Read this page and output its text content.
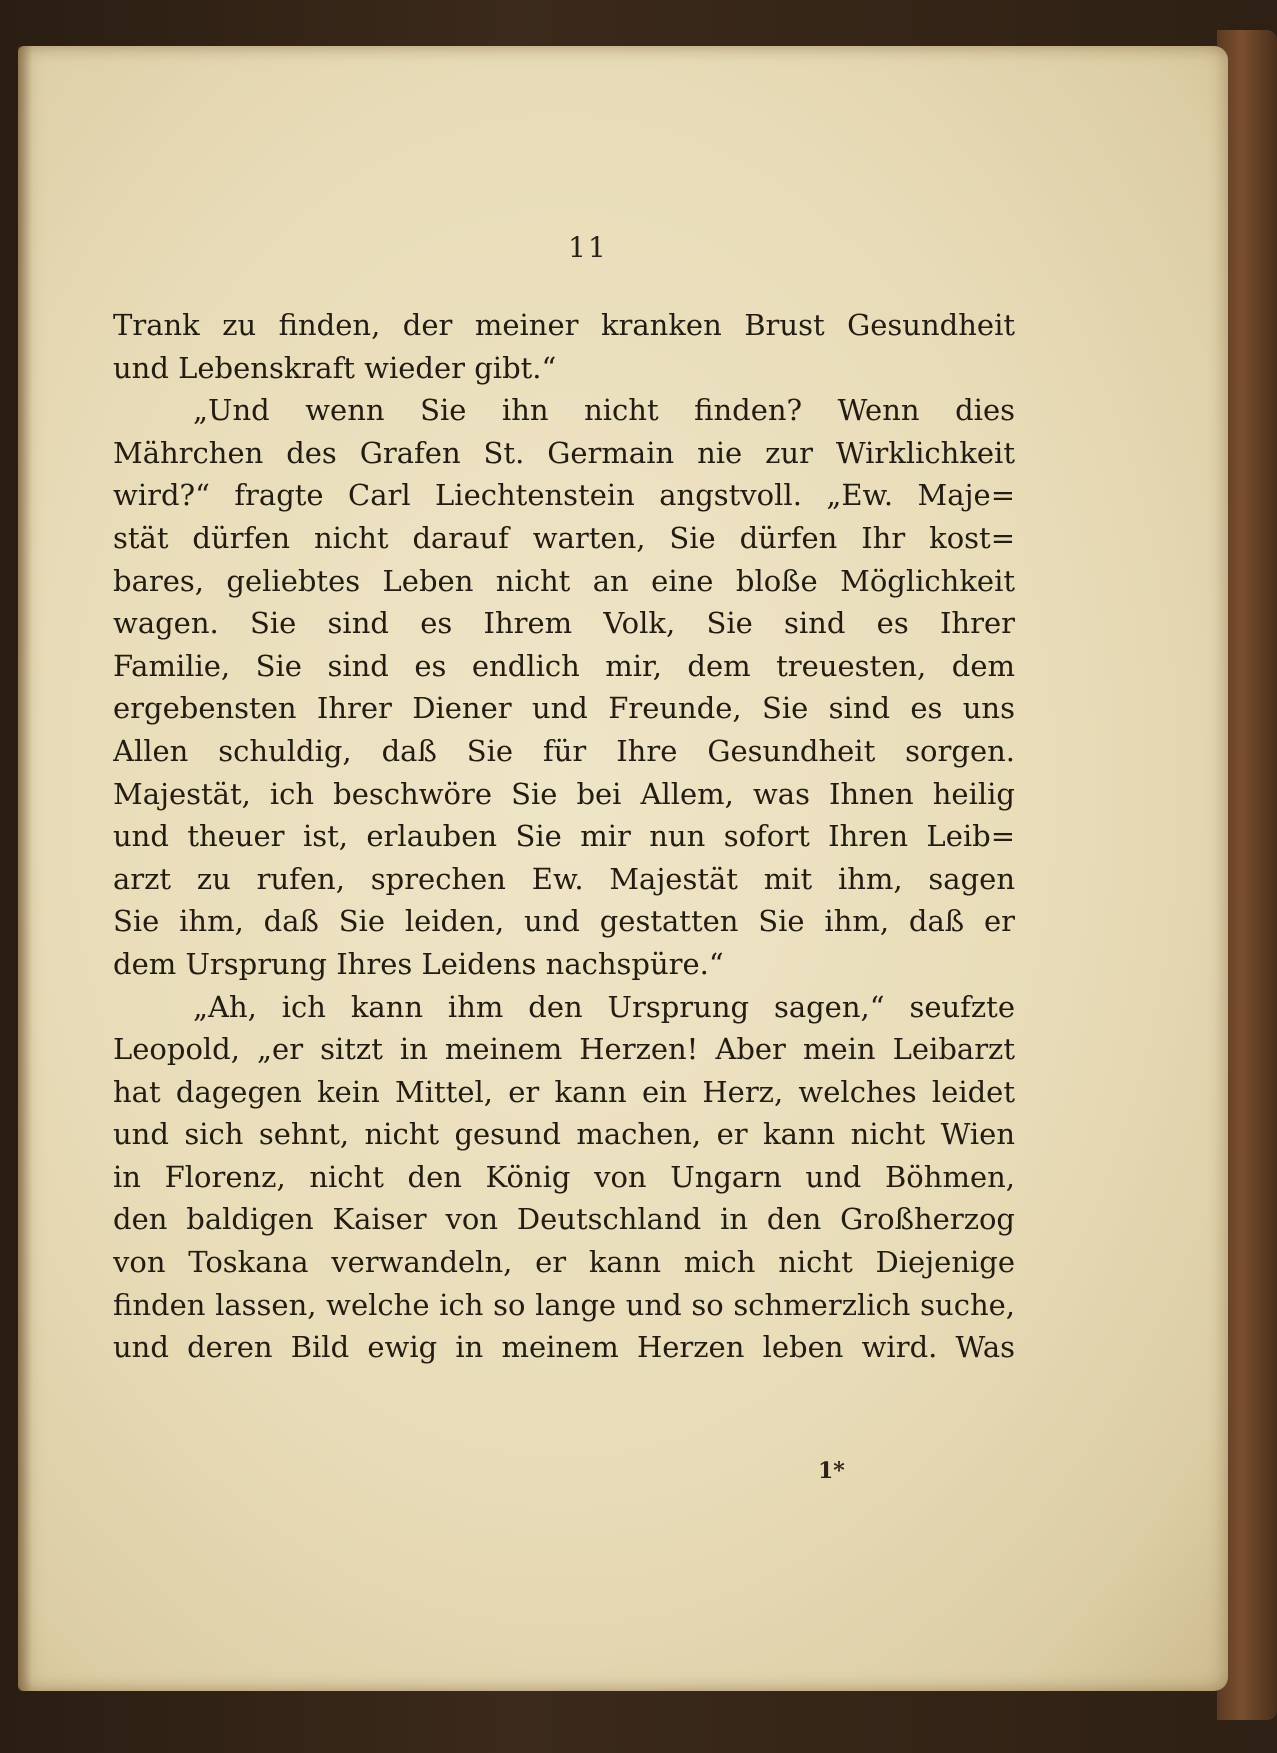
11
Trank zu finden, der meiner kranken Brust Gesundheit
und Lebenskraft wieder gibt.“
„Und wenn Sie ihn nicht finden? Wenn dies
Mährchen des Grafen St. Germain nie zur Wirklichkeit
wird?“ fragte Carl Liechtenstein angstvoll. „Ew. Maje=
stät dürfen nicht darauf warten, Sie dürfen Ihr kost=
bares, geliebtes Leben nicht an eine bloße Möglichkeit
wagen. Sie sind es Ihrem Volk, Sie sind es Ihrer
Familie, Sie sind es endlich mir, dem treuesten, dem
ergebensten Ihrer Diener und Freunde, Sie sind es uns
Allen schuldig, daß Sie für Ihre Gesundheit sorgen.
Majestät, ich beschwöre Sie bei Allem, was Ihnen heilig
und theuer ist, erlauben Sie mir nun sofort Ihren Leib=
arzt zu rufen, sprechen Ew. Majestät mit ihm, sagen
Sie ihm, daß Sie leiden, und gestatten Sie ihm, daß er
dem Ursprung Ihres Leidens nachspüre.“
„Ah, ich kann ihm den Ursprung sagen,“ seufzte
Leopold, „er sitzt in meinem Herzen! Aber mein Leibarzt
hat dagegen kein Mittel, er kann ein Herz, welches leidet
und sich sehnt, nicht gesund machen, er kann nicht Wien
in Florenz, nicht den König von Ungarn und Böhmen,
den baldigen Kaiser von Deutschland in den Großherzog
von Toskana verwandeln, er kann mich nicht Diejenige
finden lassen, welche ich so lange und so schmerzlich suche,
und deren Bild ewig in meinem Herzen leben wird. Was
1*
